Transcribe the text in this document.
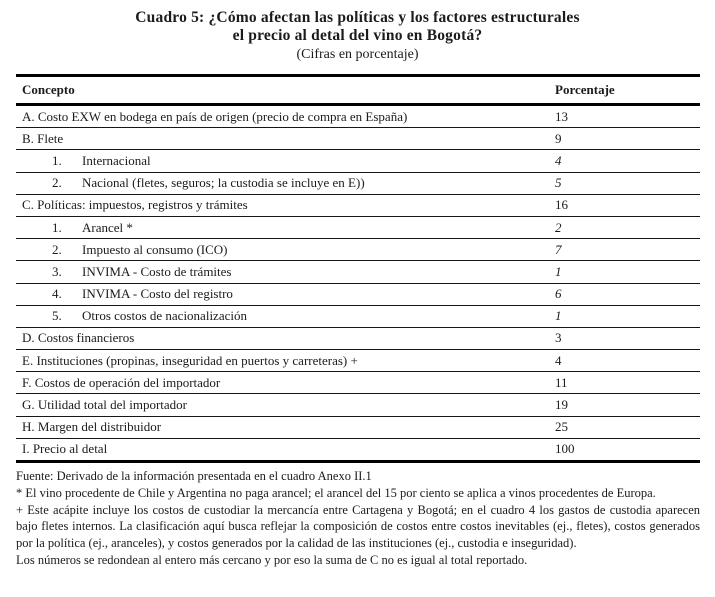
Cuadro 5: ¿Cómo afectan las políticas y los factores estructurales
el precio al detal del vino en Bogotá?
(Cifras en porcentaje)
Concepto	Porcentaje
A. Costo EXW en bodega en país de origen (precio de compra en España)	13
B. Flete	9
1. Internacional	4
2. Nacional (fletes, seguros; la custodia se incluye en E))	5
C. Políticas: impuestos, registros y trámites	16
1. Arancel *	2
2. Impuesto al consumo (ICO)	7
3. INVIMA - Costo de trámites	1
4. INVIMA - Costo del registro	6
5. Otros costos de nacionalización	1
D. Costos financieros	3
E. Instituciones (propinas, inseguridad en puertos y carreteras) +	4
F. Costos de operación del importador	11
G. Utilidad total del importador	19
H. Margen del distribuidor	25
I. Precio al detal	100

Fuente: Derivado de la información presentada en el cuadro Anexo II.1

* El vino procedente de Chile y Argentina no paga arancel; el arancel del 15 por ciento se aplica a vinos procedentes de Europa.

+ Este acápite incluye los costos de custodiar la mercancía entre Cartagena y Bogotá; en el cuadro 4 los gastos de custodia aparecen bajo fletes internos. La clasificación aquí busca reflejar la composición de costos entre costos inevitables (ej., fletes), costos generados por la política (ej., aranceles), y costos generados por la calidad de las instituciones (ej., custodia e inseguridad).

Los números se redondean al entero más cercano y por eso la suma de C no es igual al total reportado.
